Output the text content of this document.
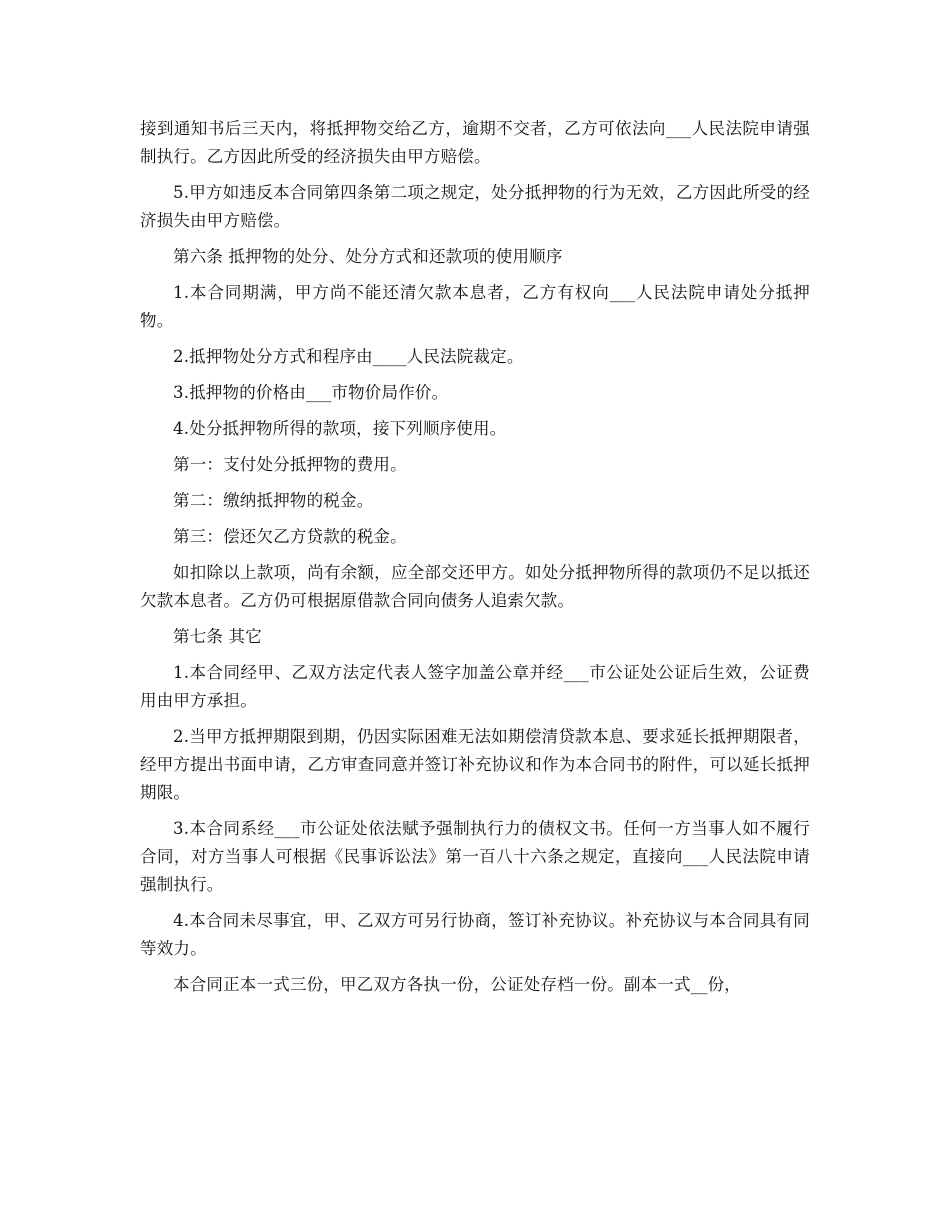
接到通知书后三天内，将抵押物交给乙方，逾期不交者，乙方可依法向___人民法院申请强制执行。乙方因此所受的经济损失由甲方赔偿。

5.甲方如违反本合同第四条第二项之规定，处分抵押物的行为无效，乙方因此所受的经济损失由甲方赔偿。

第六条 抵押物的处分、处分方式和还款项的使用顺序

1.本合同期满，甲方尚不能还清欠款本息者，乙方有权向___人民法院申请处分抵押物。

2.抵押物处分方式和程序由____人民法院裁定。

3.抵押物的价格由___市物价局作价。

4.处分抵押物所得的款项，接下列顺序使用。

第一：支付处分抵押物的费用。

第二：缴纳抵押物的税金。

第三：偿还欠乙方贷款的税金。

如扣除以上款项，尚有余额，应全部交还甲方。如处分抵押物所得的款项仍不足以抵还欠款本息者。乙方仍可根据原借款合同向债务人追索欠款。

第七条 其它

1.本合同经甲、乙双方法定代表人签字加盖公章并经___市公证处公证后生效，公证费用由甲方承担。

2.当甲方抵押期限到期，仍因实际困难无法如期偿清贷款本息、要求延长抵押期限者，经甲方提出书面申请，乙方审查同意并签订补充协议和作为本合同书的附件，可以延长抵押期限。

3.本合同系经___市公证处依法赋予强制执行力的债权文书。任何一方当事人如不履行合同，对方当事人可根据《民事诉讼法》第一百八十六条之规定，直接向___人民法院申请强制执行。

4.本合同未尽事宜，甲、乙双方可另行协商，签订补充协议。补充协议与本合同具有同等效力。

本合同正本一式三份，甲乙双方各执一份，公证处存档一份。副本一式__份，
